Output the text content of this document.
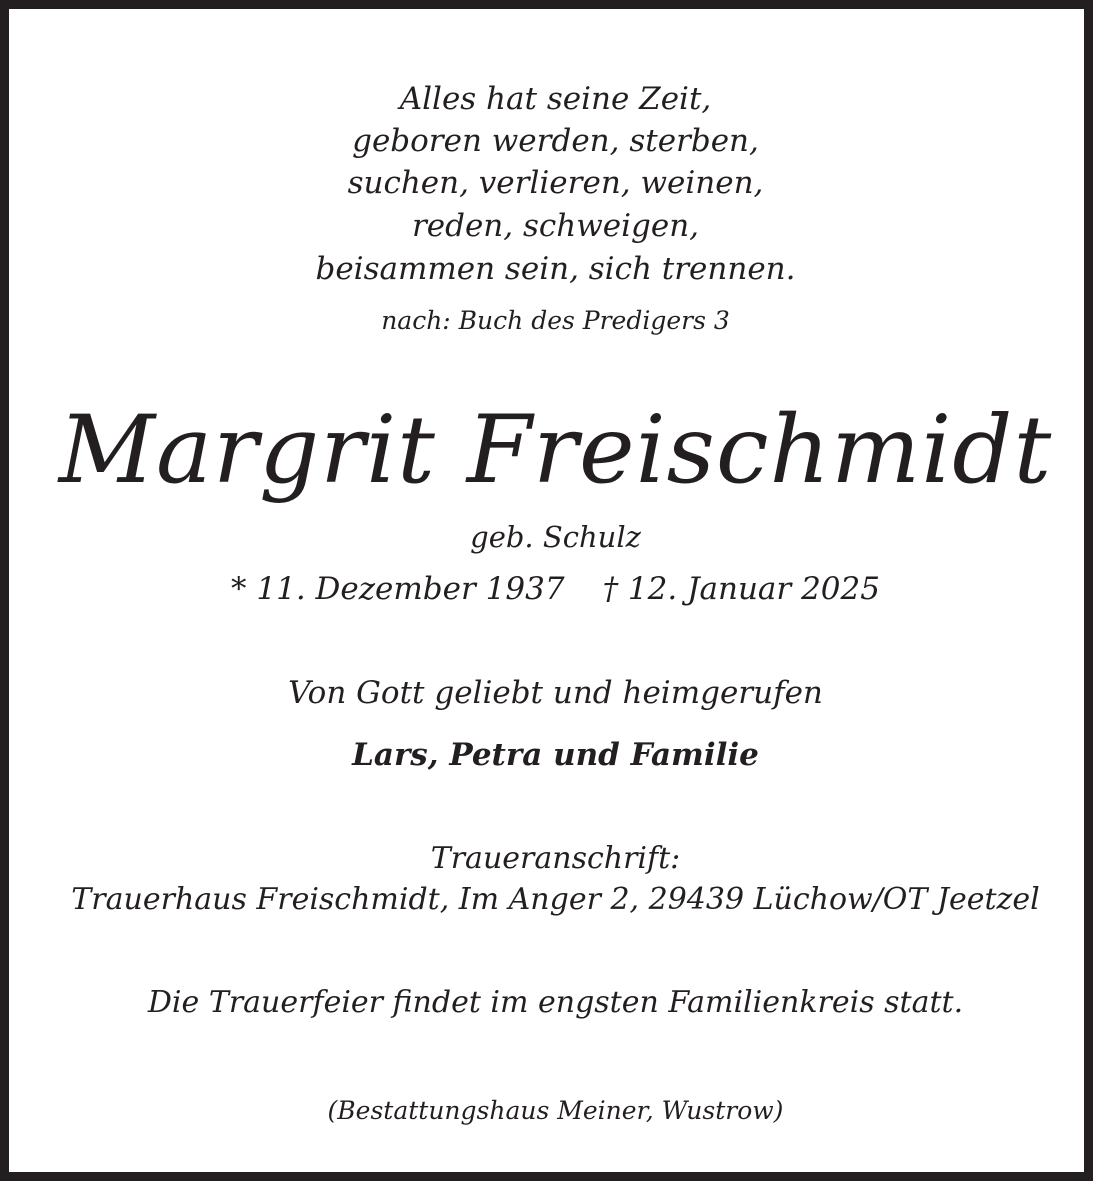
Alles hat seine Zeit,
geboren werden, sterben,
suchen, verlieren, weinen,
reden, schweigen,
beisammen sein, sich trennen.
nach: Buch des Predigers 3
Margrit Freischmidt
geb. Schulz
* 11. Dezember 1937 † 12. Januar 2025
Von Gott geliebt und heimgerufen
Lars, Petra und Familie
Traueranschrift:
Trauerhaus Freischmidt, Im Anger 2, 29439 Lüchow/OT Jeetzel
Die Trauerfeier findet im engsten Familienkreis statt.
(Bestattungshaus Meiner, Wustrow)
